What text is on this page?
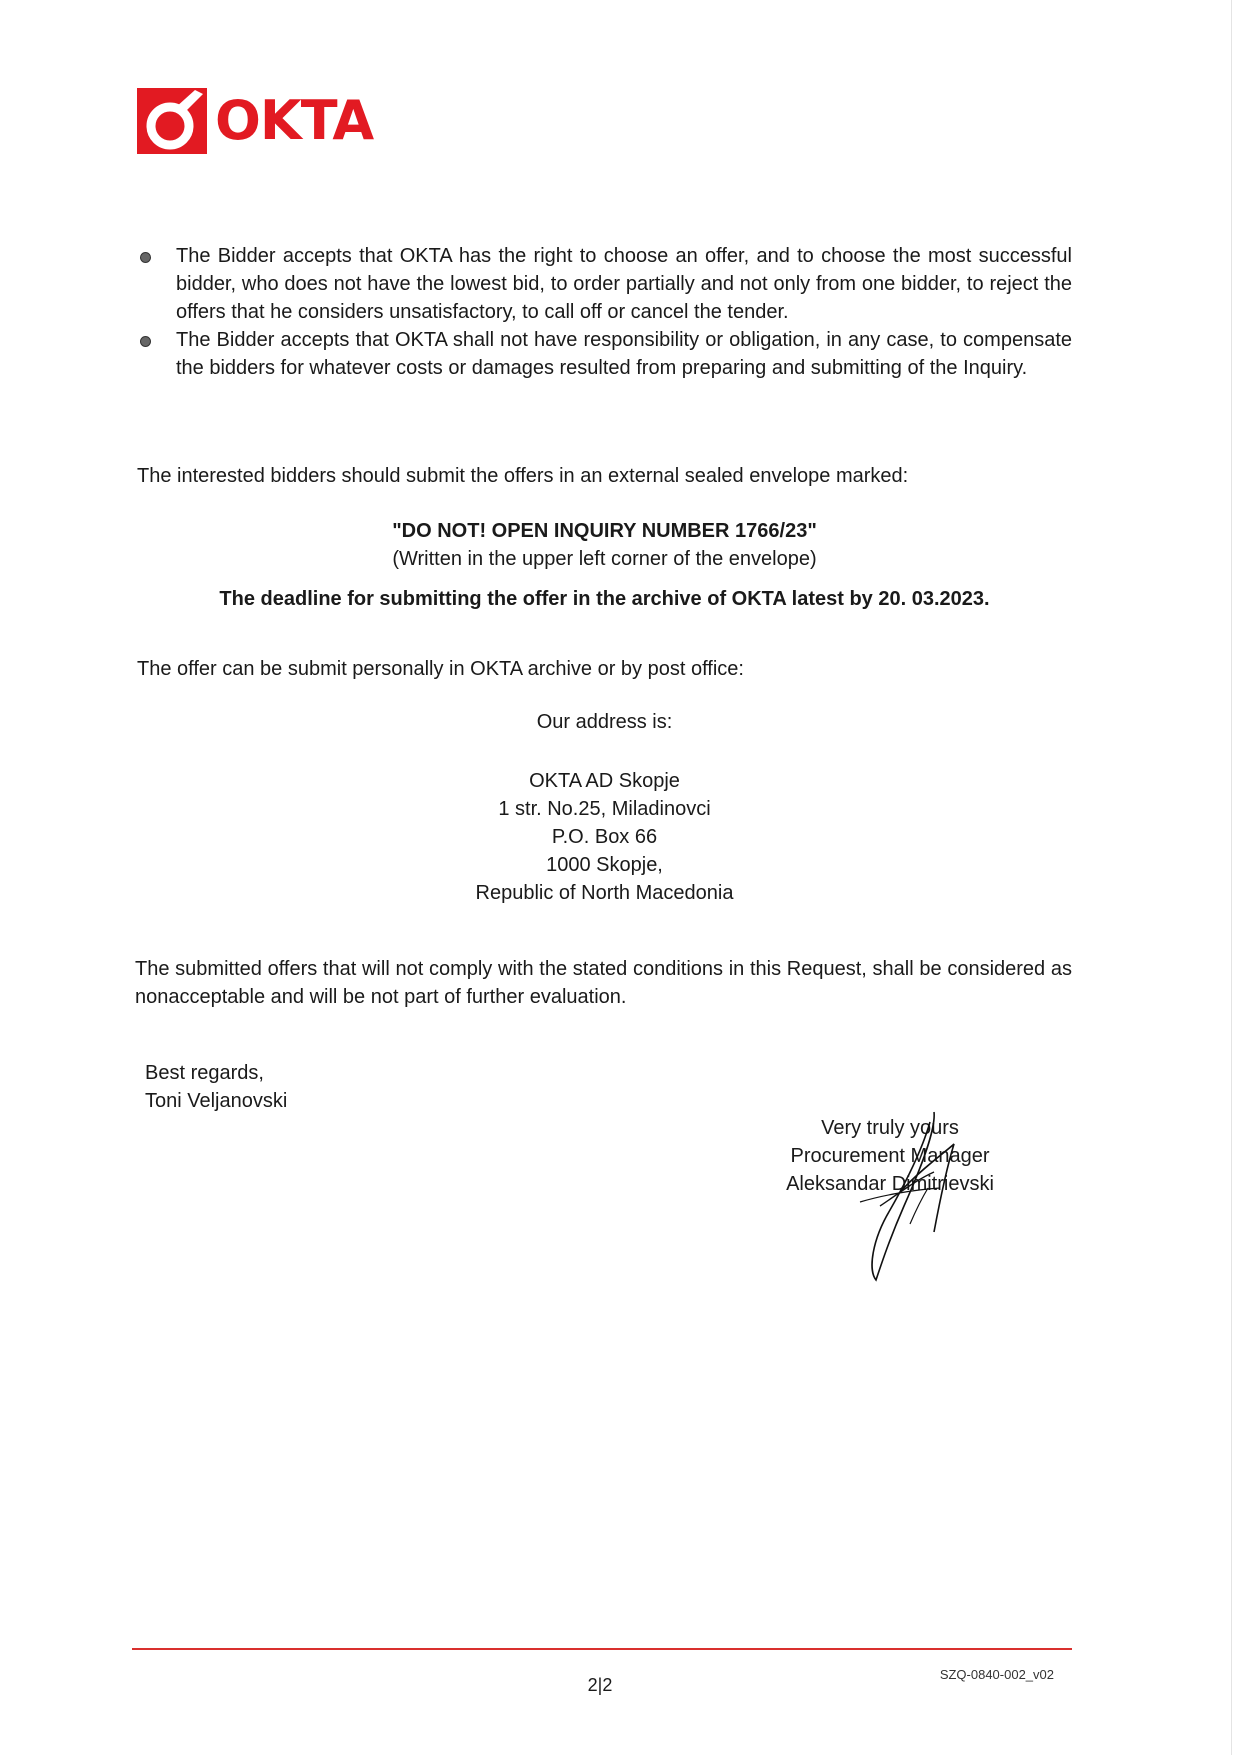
OKTA

The Bidder accepts that OKTA has the right to choose an offer, and to choose the most successful bidder, who does not have the lowest bid, to order partially and not only from one bidder, to reject the offers that he considers unsatisfactory, to call off or cancel the tender.

The Bidder accepts that OKTA shall not have responsibility or obligation, in any case, to compensate the bidders for whatever costs or damages resulted from preparing and submitting of the Inquiry.

The interested bidders should submit the offers in an external sealed envelope marked:
"DO NOT! OPEN INQUIRY NUMBER 1766/23"
(Written in the upper left corner of the envelope)
The deadline for submitting the offer in the archive of OKTA latest by 20. 03.2023.
The offer can be submit personally in OKTA archive or by post office:
Our address is:
OKTA AD Skopje
1 str. No.25, Miladinovci
P.O. Box 66
1000 Skopje,
Republic of North Macedonia
The submitted offers that will not comply with the stated conditions in this Request, shall be considered as nonacceptable and will be not part of further evaluation.
Best regards,
Toni Veljanovski
Very truly yours
Procurement Manager
Aleksandar Dimitrievski
2|2
SZQ-0840-002_v02
